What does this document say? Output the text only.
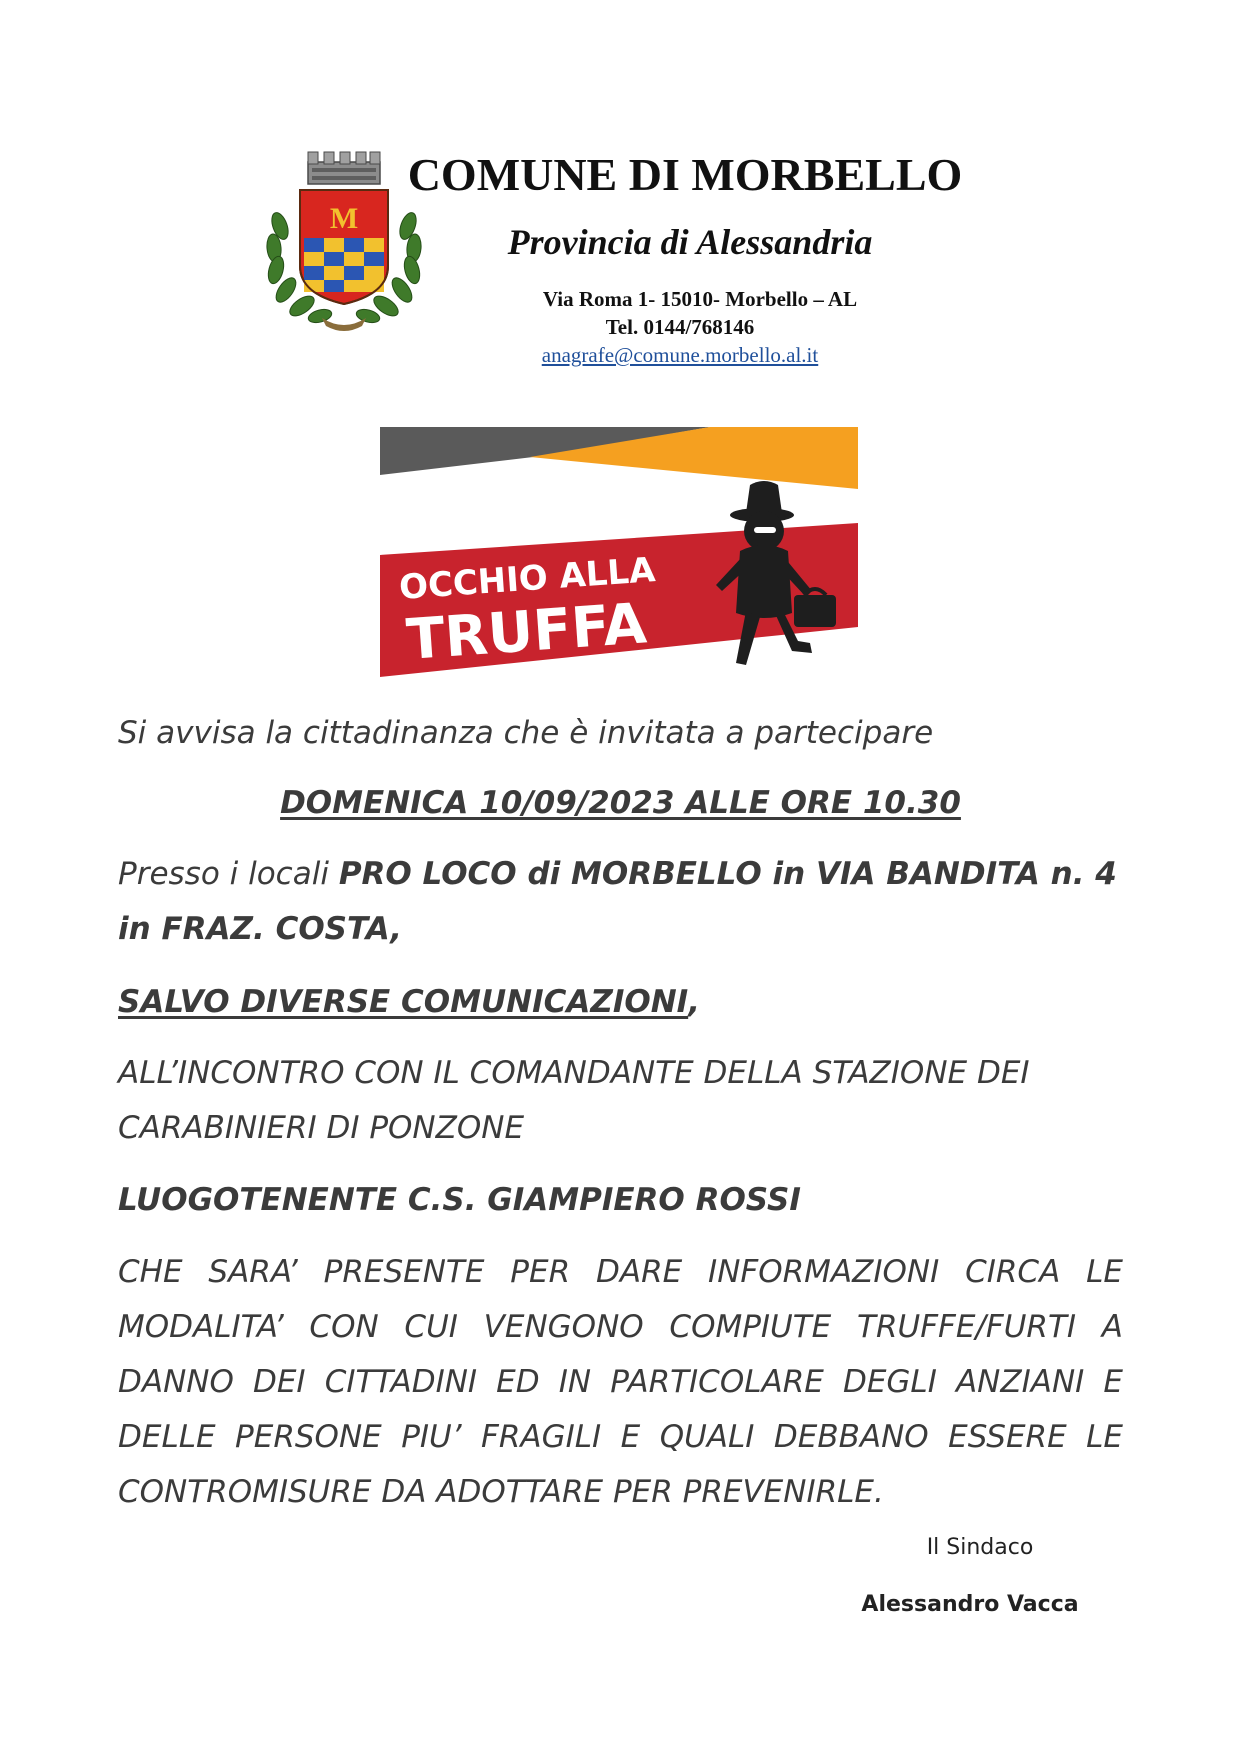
M
COMUNE DI MORBELLO
Provincia di Alessandria
Via Roma 1- 15010- Morbello – AL
Tel. 0144/768146
anagrafe@comune.morbello.al.it
OCCHIO ALLA
TRUFFA
Si avvisa la cittadinanza che è invitata a partecipare
DOMENICA 10/09/2023 ALLE ORE 10.30
Presso i locali PRO LOCO di MORBELLO in VIA BANDITA n. 4 in FRAZ. COSTA,
SALVO DIVERSE COMUNICAZIONI,
ALL’INCONTRO CON IL COMANDANTE DELLA STAZIONE DEI CARABINIERI DI PONZONE
LUOGOTENENTE C.S. GIAMPIERO ROSSI
CHE SARA’ PRESENTE PER DARE INFORMAZIONI CIRCA LE MODALITA’ CON CUI VENGONO COMPIUTE TRUFFE/FURTI A DANNO DEI CITTADINI ED IN PARTICOLARE DEGLI ANZIANI E DELLE PERSONE PIU’ FRAGILI E QUALI DEBBANO ESSERE LE CONTROMISURE DA ADOTTARE PER PREVENIRLE.
Il Sindaco
Alessandro Vacca
